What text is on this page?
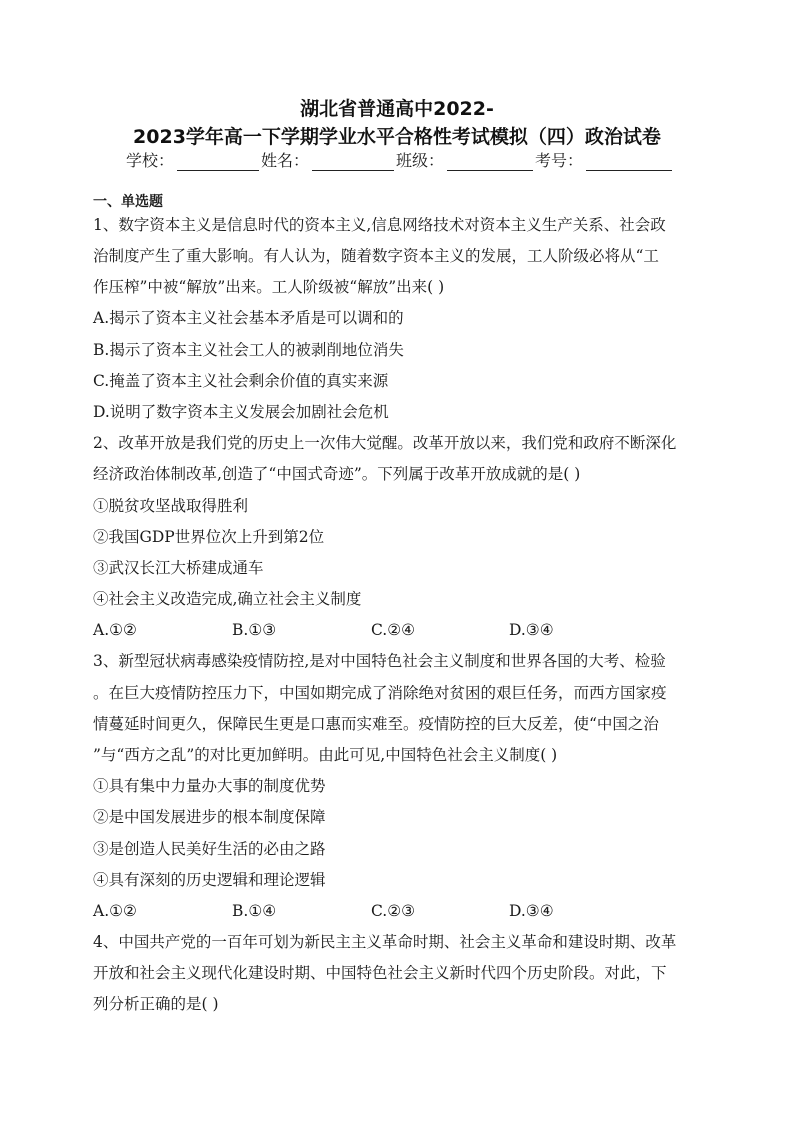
湖北省普通高中2022-
2023学年高一下学期学业水平合格性考试模拟（四）政治试卷
学校：	姓名：	班级：	考号：
一、单选题
1、数字资本主义是信息时代的资本主义,信息网络技术对资本主义生产关系、社会政
治制度产生了重大影响。有人认为，随着数字资本主义的发展，工人阶级必将从“工
作压榨”中被“解放”出来。工人阶级被“解放”出来( )
A.揭示了资本主义社会基本矛盾是可以调和的
B.揭示了资本主义社会工人的被剥削地位消失
C.掩盖了资本主义社会剩余价值的真实来源
D.说明了数字资本主义发展会加剧社会危机
2、改革开放是我们党的历史上一次伟大觉醒。改革开放以来，我们党和政府不断深化
经济政治体制改革,创造了“中国式奇迹”。下列属于改革开放成就的是( )
①脱贫攻坚战取得胜利
②我国GDP世界位次上升到第2位
③武汉长江大桥建成通车
④社会主义改造完成,确立社会主义制度
A.①②	B.①③	C.②④	D.③④
3、新型冠状病毒感染疫情防控,是对中国特色社会主义制度和世界各国的大考、检验
。在巨大疫情防控压力下，中国如期完成了消除绝对贫困的艰巨任务，而西方国家疫
情蔓延时间更久，保障民生更是口惠而实难至。疫情防控的巨大反差，使“中国之治
”与“西方之乱”的对比更加鲜明。由此可见,中国特色社会主义制度( )
①具有集中力量办大事的制度优势
②是中国发展进步的根本制度保障
③是创造人民美好生活的必由之路
④具有深刻的历史逻辑和理论逻辑
A.①②	B.①④	C.②③	D.③④
4、中国共产党的一百年可划为新民主主义革命时期、社会主义革命和建设时期、改革
开放和社会主义现代化建设时期、中国特色社会主义新时代四个历史阶段。对此，下
列分析正确的是( )
